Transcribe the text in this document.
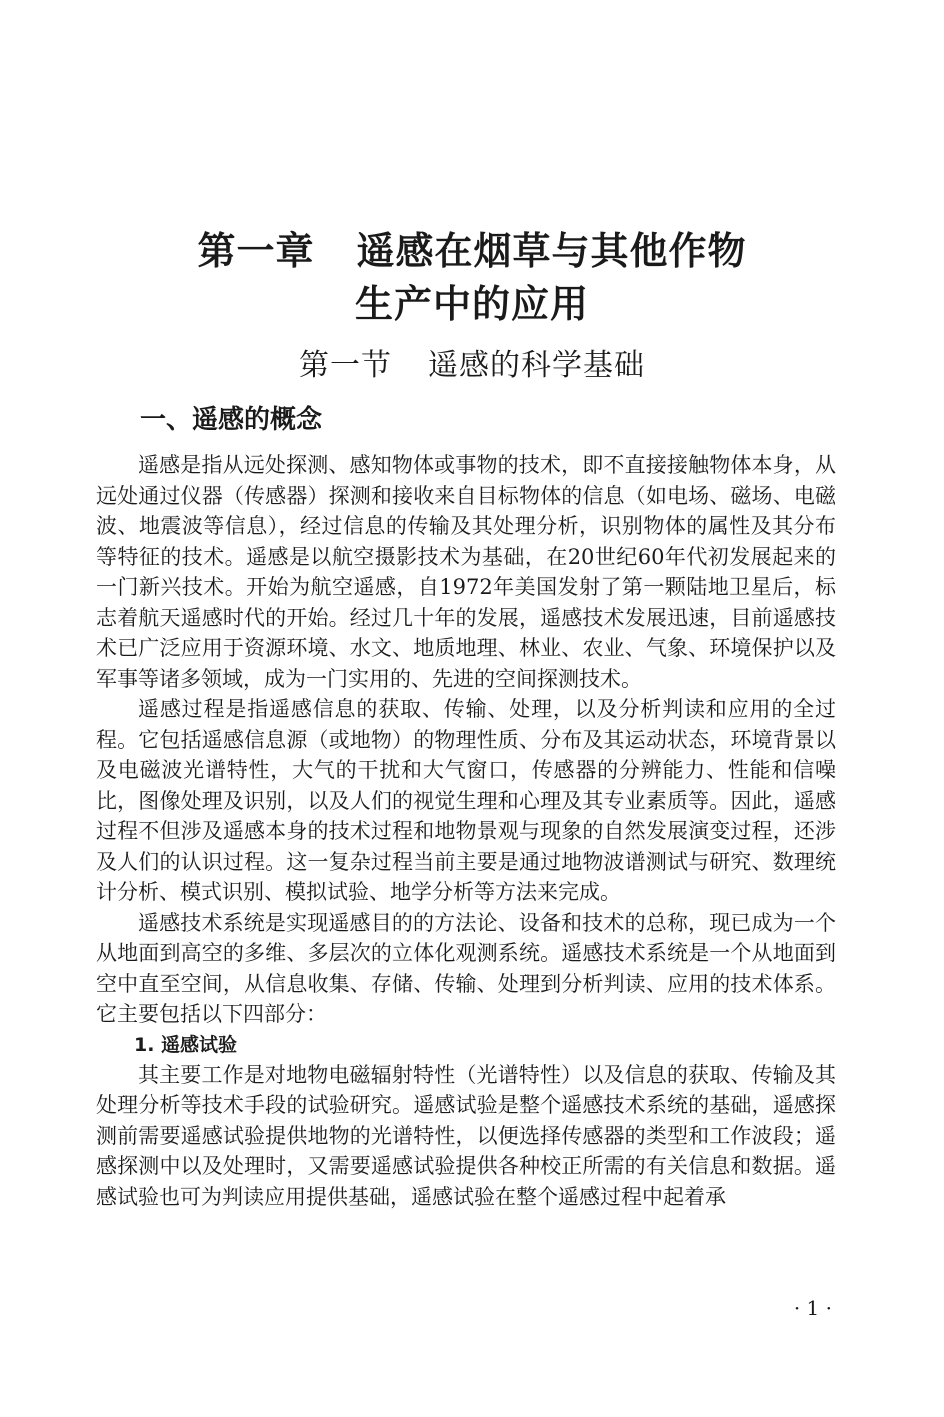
第一章 遥感在烟草与其他作物
生产中的应用
第一节 遥感的科学基础
一、遥感的概念

遥感是指从远处探测、感知物体或事物的技术，即不直接接触物体本身，从远处通过仪器（传感器）探测和接收来自目标物体的信息（如电场、磁场、电磁波、地震波等信息），经过信息的传输及其处理分析，识别物体的属性及其分布等特征的技术。遥感是以航空摄影技术为基础，在20世纪60年代初发展起来的一门新兴技术。开始为航空遥感，自1972年美国发射了第一颗陆地卫星后，标志着航天遥感时代的开始。经过几十年的发展，遥感技术发展迅速，目前遥感技术已广泛应用于资源环境、水文、地质地理、林业、农业、气象、环境保护以及军事等诸多领域，成为一门实用的、先进的空间探测技术。

遥感过程是指遥感信息的获取、传输、处理，以及分析判读和应用的全过程。它包括遥感信息源（或地物）的物理性质、分布及其运动状态，环境背景以及电磁波光谱特性，大气的干扰和大气窗口，传感器的分辨能力、性能和信噪比，图像处理及识别，以及人们的视觉生理和心理及其专业素质等。因此，遥感过程不但涉及遥感本身的技术过程和地物景观与现象的自然发展演变过程，还涉及人们的认识过程。这一复杂过程当前主要是通过地物波谱测试与研究、数理统计分析、模式识别、模拟试验、地学分析等方法来完成。

遥感技术系统是实现遥感目的的方法论、设备和技术的总称，现已成为一个从地面到高空的多维、多层次的立体化观测系统。遥感技术系统是一个从地面到空中直至空间，从信息收集、存储、传输、处理到分析判读、应用的技术体系。它主要包括以下四部分：

1. 遥感试验

其主要工作是对地物电磁辐射特性（光谱特性）以及信息的获取、传输及其处理分析等技术手段的试验研究。遥感试验是整个遥感技术系统的基础，遥感探测前需要遥感试验提供地物的光谱特性，以便选择传感器的类型和工作波段；遥感探测中以及处理时，又需要遥感试验提供各种校正所需的有关信息和数据。遥感试验也可为判读应用提供基础，遥感试验在整个遥感过程中起着承

· 1 ·
